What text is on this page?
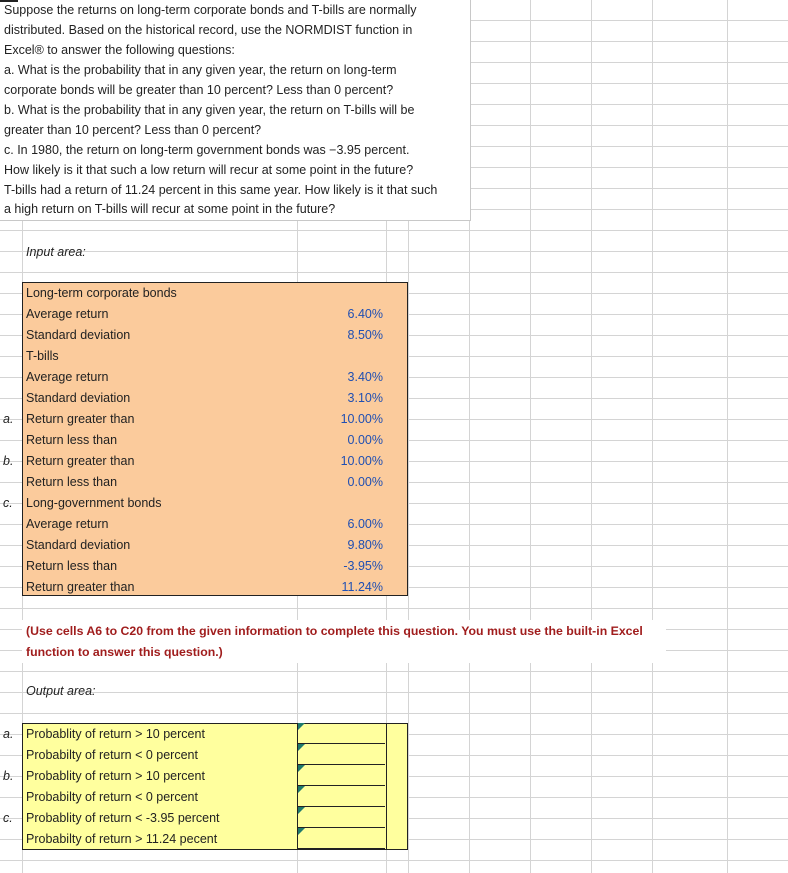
Suppose the returns on long-term corporate bonds and T-bills are normally
distributed. Based on the historical record, use the NORMDIST function in
Excel® to answer the following questions:
a. What is the probability that in any given year, the return on long-term
corporate bonds will be greater than 10 percent? Less than 0 percent?
b. What is the probability that in any given year, the return on T-bills will be
greater than 10 percent? Less than 0 percent?
c. In 1980, the return on long-term government bonds was −3.95 percent.
How likely is it that such a low return will recur at some point in the future?
T-bills had a return of 11.24 percent in this same year. How likely is it that such
a high return on T-bills will recur at some point in the future?
Input area:
Long-term corporate bonds
Average return	6.40%
Standard deviation	8.50%
T-bills
Average return	3.40%
Standard deviation	3.10%
a. Return greater than	10.00%
Return less than	0.00%
b. Return greater than	10.00%
Return less than	0.00%
c. Long-government bonds
Average return	6.00%
Standard deviation	9.80%
Return less than	-3.95%
Return greater than	11.24%
(Use cells A6 to C20 from the given information to complete this question. You must use the built-in Excel
function to answer this question.)
Output area:
a. Probablity of return > 10 percent
Probabilty of return < 0 percent
b. Probablity of return > 10 percent
Probabilty of return < 0 percent
c. Probablity of return < -3.95 percent
Probabilty of return > 11.24 pecent
